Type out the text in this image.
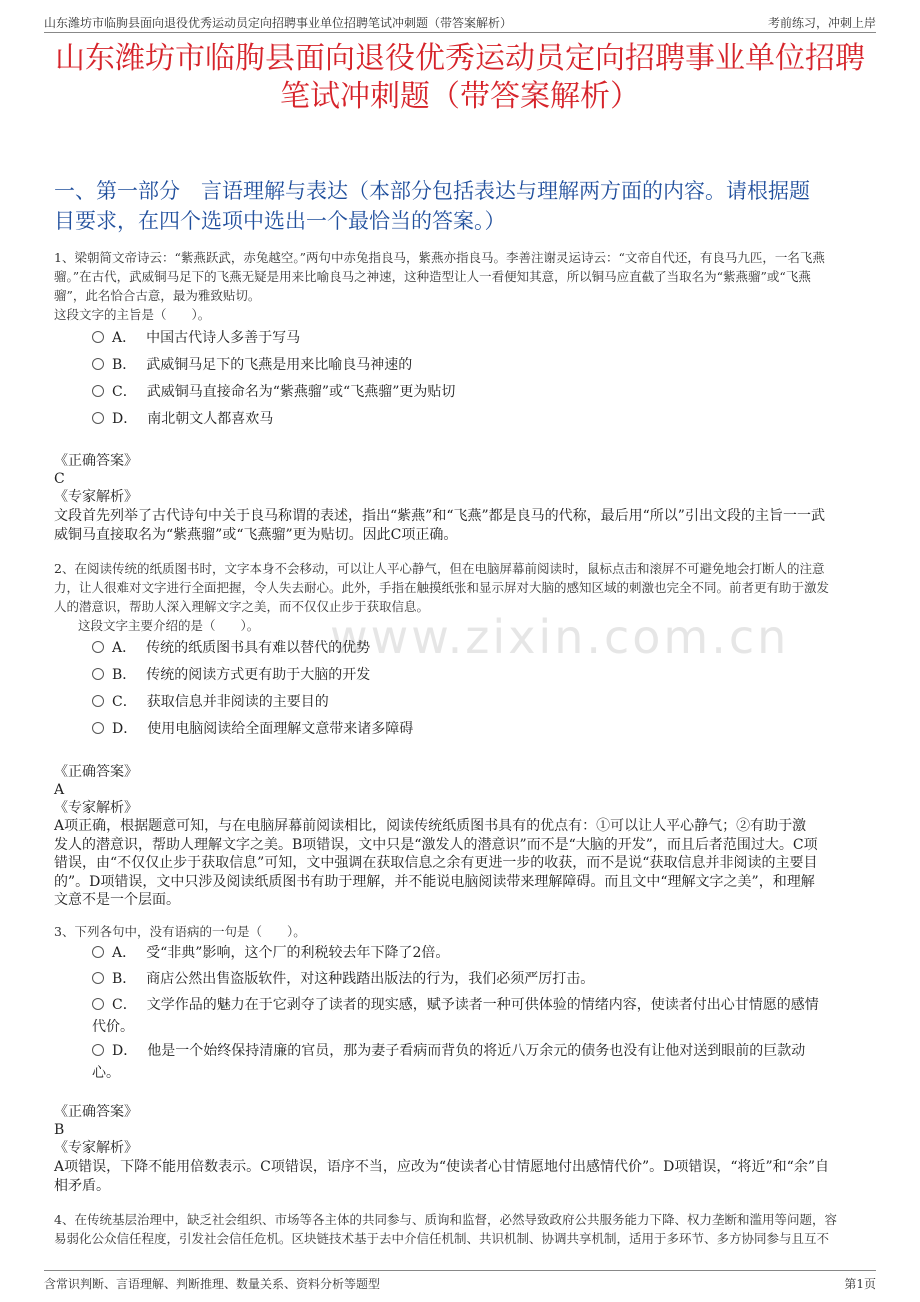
山东潍坊市临朐县面向退役优秀运动员定向招聘事业单位招聘笔试冲刺题（带答案解析）	考前练习，冲刺上岸
山东潍坊市临朐县面向退役优秀运动员定向招聘事业单位招聘
笔试冲刺题（带答案解析）
一、第一部分　言语理解与表达（本部分包括表达与理解两方面的内容。请根据题
目要求，在四个选项中选出一个最恰当的答案。）
www.zixin.com.cn
1、梁朝简文帝诗云：“紫燕跃武，赤兔越空。”两句中赤兔指良马，紫燕亦指良马。李善注谢灵运诗云：“文帝自代还，有良马九匹，一名飞燕
骝。”在古代，武威铜马足下的飞燕无疑是用来比喻良马之神速，这种造型让人一看便知其意，所以铜马应直截了当取名为“紫燕骝”或“飞燕
骝”，此名恰合古意，最为雅致贴切。
这段文字的主旨是（　　）。
A． 中国古代诗人多善于写马
B． 武威铜马足下的飞燕是用来比喻良马神速的
C． 武威铜马直接命名为“紫燕骝”或“飞燕骝”更为贴切
D． 南北朝文人都喜欢马
《正确答案》
C
《专家解析》
文段首先列举了古代诗句中关于良马称谓的表述，指出“紫燕”和“飞燕”都是良马的代称，最后用“所以”引出文段的主旨一一武
威铜马直接取名为“紫燕骝”或“飞燕骝”更为贴切。因此C项正确。
2、在阅读传统的纸质图书时，文字本身不会移动，可以让人平心静气，但在电脑屏幕前阅读时，鼠标点击和滚屏不可避免地会打断人的注意
力，让人很难对文字进行全面把握，令人失去耐心。此外，手指在触摸纸张和显示屏对大脑的感知区域的刺激也完全不同。前者更有助于激发
人的潜意识，帮助人深入理解文字之美，而不仅仅止步于获取信息。
这段文字主要介绍的是（　　）。
A． 传统的纸质图书具有难以替代的优势
B． 传统的阅读方式更有助于大脑的开发
C． 获取信息并非阅读的主要目的
D． 使用电脑阅读给全面理解文意带来诸多障碍
《正确答案》
A
《专家解析》
A项正确，根据题意可知，与在电脑屏幕前阅读相比，阅读传统纸质图书具有的优点有：①可以让人平心静气；②有助于激
发人的潜意识，帮助人理解文字之美。B项错误，文中只是“激发人的潜意识”而不是“大脑的开发”，而且后者范围过大。C项
错误，由“不仅仅止步于获取信息”可知，文中强调在获取信息之余有更进一步的收获，而不是说“获取信息并非阅读的主要目
的”。D项错误，文中只涉及阅读纸质图书有助于理解，并不能说电脑阅读带来理解障碍。而且文中“理解文字之美”，和理解
文意不是一个层面。
3、下列各句中，没有语病的一句是（　　）。
A． 受“非典”影响，这个厂的利税较去年下降了2倍。
B． 商店公然出售盗版软件，对这种践踏出版法的行为，我们必须严厉打击。
C． 文学作品的魅力在于它剥夺了读者的现实感，赋予读者一种可供体验的情绪内容，使读者付出心甘情愿的感情
代价。
D． 他是一个始终保持清廉的官员，那为妻子看病而背负的将近八万余元的债务也没有让他对送到眼前的巨款动
心。
《正确答案》
B
《专家解析》
A项错误，下降不能用倍数表示。C项错误，语序不当，应改为“使读者心甘情愿地付出感情代价”。D项错误，“将近”和“余”自
相矛盾。
4、在传统基层治理中，缺乏社会组织、市场等各主体的共同参与、质询和监督，必然导致政府公共服务能力下降、权力垄断和滥用等问题，容
易弱化公众信任程度，引发社会信任危机。区块链技术基于去中介信任机制、共识机制、协调共享机制，适用于多环节、多方协同参与且互不
含常识判断、言语理解、判断推理、数量关系、资料分析等题型	第1页
